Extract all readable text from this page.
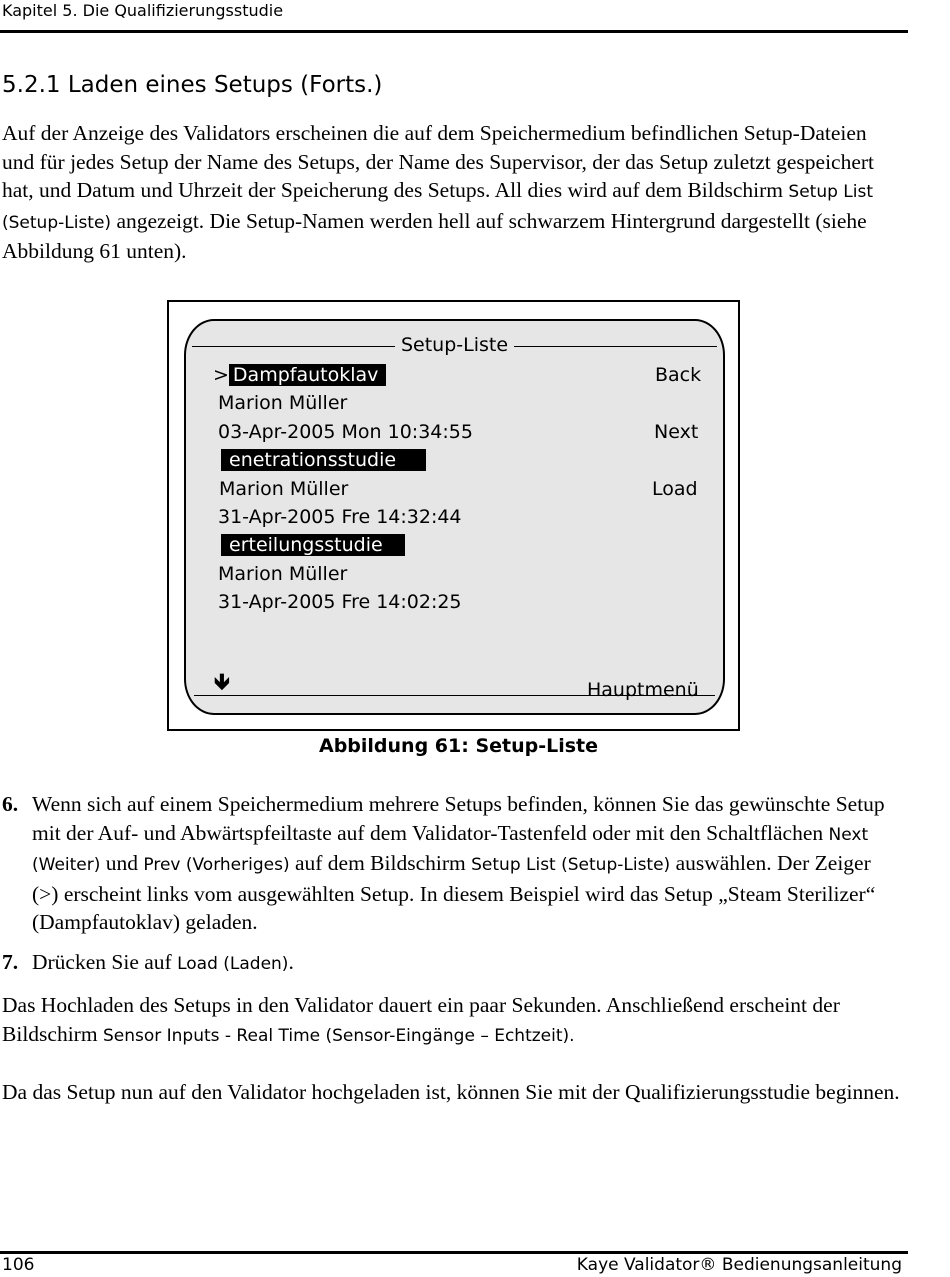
Kapitel 5. Die Qualifizierungsstudie
5.2.1 Laden eines Setups (Forts.)

Auf der Anzeige des Validators erscheinen die auf dem Speichermedium befindlichen Setup-Dateien und für jedes Setup der Name des Setups, der Name des Supervisor, der das Setup zuletzt gespeichert hat, und Datum und Uhrzeit der Speicherung des Setups. All dies wird auf dem Bildschirm Setup List (Setup-Liste) angezeigt. Die Setup-Namen werden hell auf schwarzem Hintergrund dargestellt (siehe Abbildung 61 unten).

Setup-Liste
> Dampfautoklav
Marion Müller
03-Apr-2005 Mon 10:34:55
enetrationsstudie
Marion Müller
31-Apr-2005 Fre 14:32:44
erteilungsstudie
Marion Müller
31-Apr-2005 Fre 14:02:25
Back
Next
Load
🡻	Hauptmenü
Abbildung 61: Setup-Liste
6. Wenn sich auf einem Speichermedium mehrere Setups befinden, können Sie das gewünschte Setup mit der Auf- und Abwärtspfeiltaste auf dem Validator-Tastenfeld oder mit den Schaltflächen Next (Weiter) und Prev (Vorheriges) auf dem Bildschirm Setup List (Setup-Liste) auswählen. Der Zeiger (>) erscheint links vom ausgewählten Setup. In diesem Beispiel wird das Setup „Steam Sterilizer“ (Dampfautoklav) geladen.
7. Drücken Sie auf Load (Laden).

Das Hochladen des Setups in den Validator dauert ein paar Sekunden. Anschließend erscheint der Bildschirm Sensor Inputs - Real Time (Sensor-Eingänge – Echtzeit).

Da das Setup nun auf den Validator hochgeladen ist, können Sie mit der Qualifizierungsstudie beginnen.

106	Kaye Validator® Bedienungsanleitung
